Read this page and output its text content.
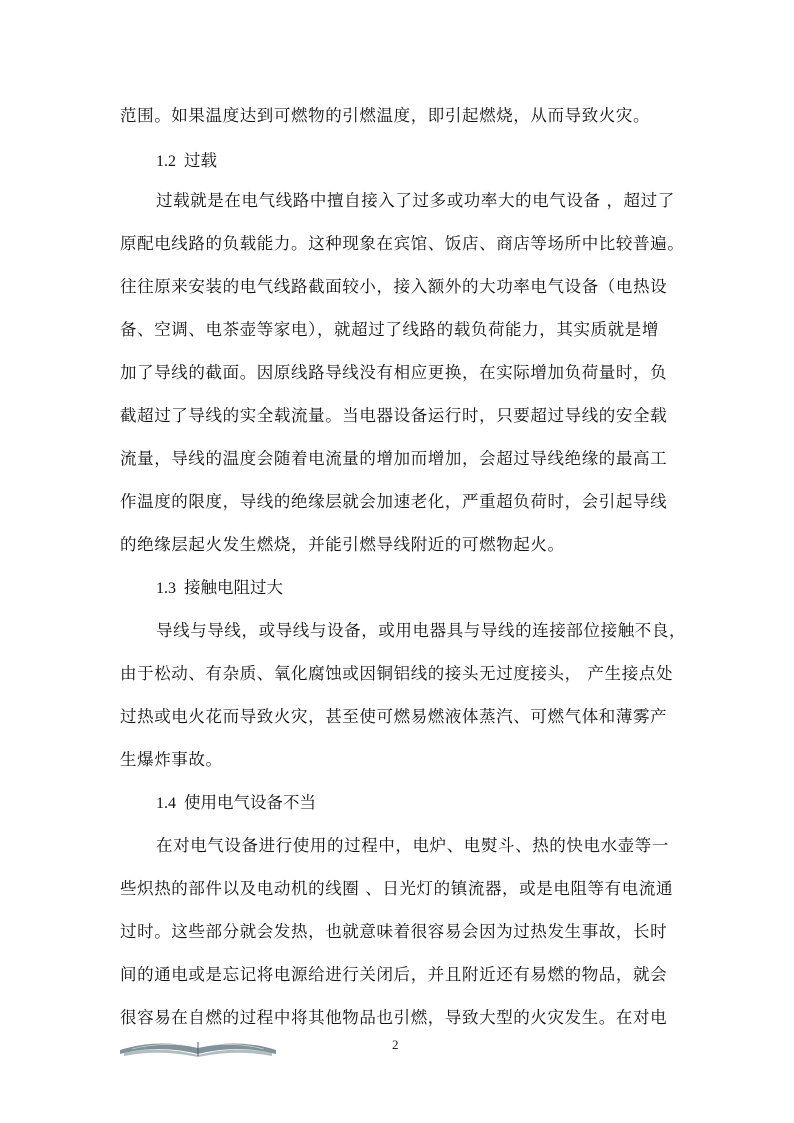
范围。如果温度达到可燃物的引燃温度，即引起燃烧，从而导致火灾。
1.2 过载
过载就是在电气线路中擅自接入了过多或功率大的电气设备 ，超过了
原配电线路的负载能力。这种现象在宾馆、饭店、商店等场所中比较普遍。
往往原来安装的电气线路截面较小，接入额外的大功率电气设备（电热设
备、空调、电茶壶等家电），就超过了线路的载负荷能力，其实质就是增
加了导线的截面。因原线路导线没有相应更换，在实际增加负荷量时，负
截超过了导线的实全载流量。当电器设备运行时，只要超过导线的安全载
流量，导线的温度会随着电流量的增加而增加，会超过导线绝缘的最高工
作温度的限度，导线的绝缘层就会加速老化，严重超负荷时，会引起导线
的绝缘层起火发生燃烧，并能引燃导线附近的可燃物起火。
1.3 接触电阻过大
导线与导线，或导线与设备，或用电器具与导线的连接部位接触不良，
由于松动、有杂质、氧化腐蚀或因铜铝线的接头无过度接头， 产生接点处
过热或电火花而导致火灾，甚至使可燃易燃液体蒸汽、可燃气体和薄雾产
生爆炸事故。
1.4 使用电气设备不当
在对电气设备进行使用的过程中，电炉、电熨斗、热的快电水壶等一
些炽热的部件以及电动机的线圈 、日光灯的镇流器，或是电阻等有电流通
过时。这些部分就会发热，也就意味着很容易会因为过热发生事故，长时
间的通电或是忘记将电源给进行关闭后，并且附近还有易燃的物品，就会
很容易在自燃的过程中将其他物品也引燃，导致大型的火灾发生。在对电
2
